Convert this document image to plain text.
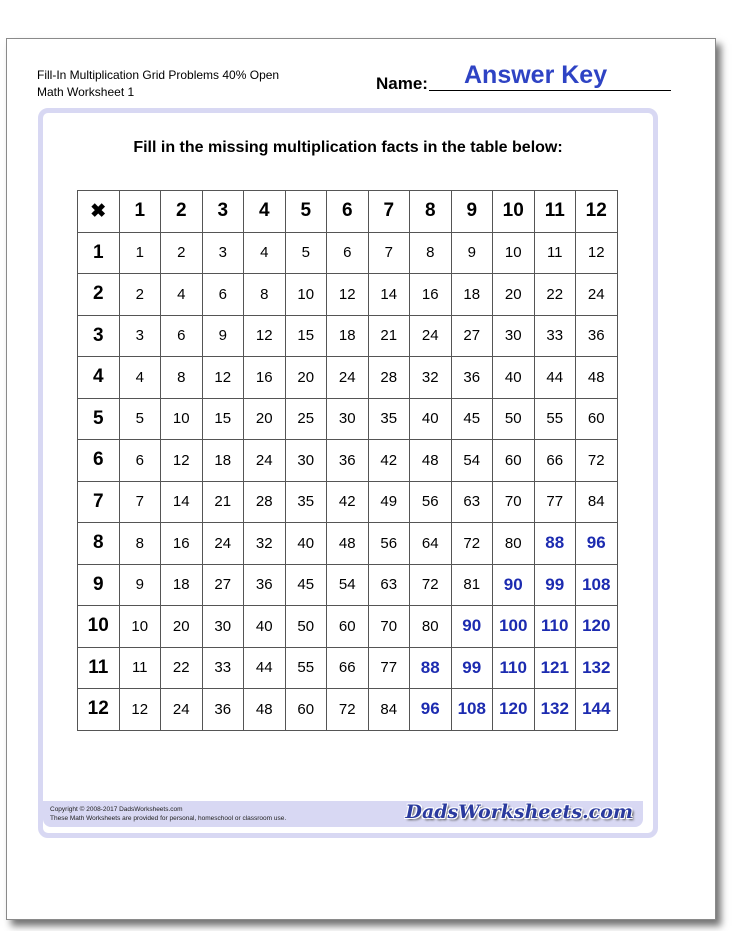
Fill-In Multiplication Grid Problems 40% Open
Math Worksheet 1	Name: Answer Key
Fill in the missing multiplication facts in the table below:
✖	1	2	3	4	5	6	7	8	9	10	11	12
1	1	2	3	4	5	6	7	8	9	10	11	12
2	2	4	6	8	10	12	14	16	18	20	22	24
3	3	6	9	12	15	18	21	24	27	30	33	36
4	4	8	12	16	20	24	28	32	36	40	44	48
5	5	10	15	20	25	30	35	40	45	50	55	60
6	6	12	18	24	30	36	42	48	54	60	66	72
7	7	14	21	28	35	42	49	56	63	70	77	84
8	8	16	24	32	40	48	56	64	72	80	88	96
9	9	18	27	36	45	54	63	72	81	90	99	108
10	10	20	30	40	50	60	70	80	90	100	110	120
11	11	22	33	44	55	66	77	88	99	110	121	132
12	12	24	36	48	60	72	84	96	108	120	132	144
Copyright © 2008-2017 DadsWorksheets.com
These Math Worksheets are provided for personal, homeschool or classroom use.	DadsWorksheets.com
